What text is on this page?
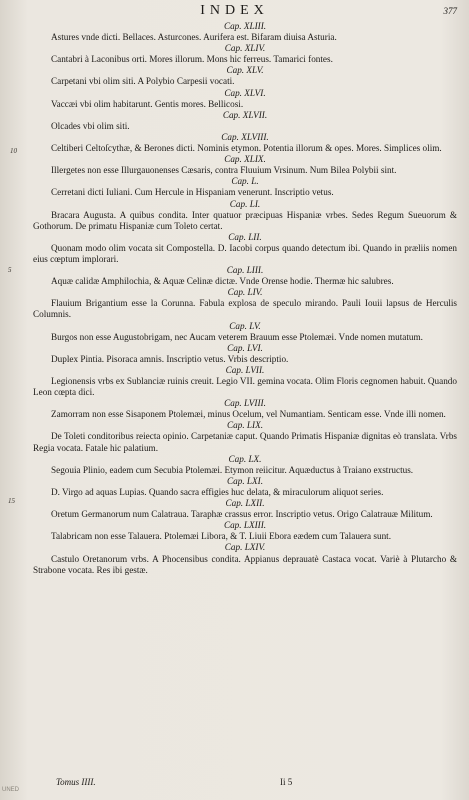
INDEX	377

Cap. XLIII.

Astures vnde dicti. Bellaces. Asturcones. Aurifera est. Bifaram diuisa Asturia.

Cap. XLIV.

Cantabri à Laconibus orti. Mores illorum. Mons hic ferreus. Tamarici fontes.

Cap. XLV.

Carpetani vbi olim siti. A Polybio Carpesii vocati.

Cap. XLVI.

Vaccæi vbi olim habitarunt. Gentis mores. Bellicosi.

Cap. XLVII.

Olcades vbi olim siti.

Cap. XLVIII.

Celtiberi Celtoſcythæ, & Berones dicti. Nominis etymon. Potentia illorum & opes. Mores. Simplices olim.

Cap. XLIX.

Illergetes non esse Illurgauonenses Cæsaris, contra Fluuium Vrsinum. Num Bilea Polybii sint.

Cap. L.

Cerretani dicti Iuliani. Cum Hercule in Hispaniam venerunt. Inscriptio vetus.

Cap. LI.

Bracara Augusta. A quibus condita. Inter quatuor præcipuas Hispaniæ vrbes. Sedes Regum Sueuorum & Gothorum. De primatu Hispaniæ cum Toleto certat.

Cap. LII.

Quonam modo olim vocata sit Compostella. D. Iacobi corpus quando detectum ibi. Quando in præliis nomen eius cœptum implorari.

Cap. LIII.

Aquæ calidæ Amphilochia, & Aquæ Celinæ dictæ. Vnde Orense hodie. Thermæ hic salubres.

Cap. LIV.

Flauium Brigantium esse la Corunna. Fabula explosa de speculo mirando. Pauli Iouii lapsus de Herculis Columnis.

Cap. LV.

Burgos non esse Augustobrigam, nec Aucam veterem Brauum esse Ptolemæi. Vnde nomen mutatum.

Cap. LVI.

Duplex Pintia. Pisoraca amnis. Inscriptio vetus. Vrbis descriptio.

Cap. LVII.

Legionensis vrbs ex Sublanciæ ruinis creuit. Legio VII. gemina vocata. Olim Floris cegnomen habuit. Quando Leon cœpta dici.

Cap. LVIII.

Zamorram non esse Sisaponem Ptolemæi, minus Ocelum, vel Numantiam. Senticam esse. Vnde illi nomen.

Cap. LIX.

De Toleti conditoribus reiecta opinio. Carpetaniæ caput. Quando Primatis Hispaniæ dignitas eò translata. Vrbs Regia vocata. Fatale hic palatium.

Cap. LX.

Segouia Plinio, eadem cum Secubia Ptolemæi. Etymon reiicitur. Aquæductus à Traiano exstructus.

Cap. LXI.

D. Virgo ad aquas Lupias. Quando sacra effigies huc delata, & miraculorum aliquot series.

Cap. LXII.

Oretum Germanorum num Calatraua. Taraphæ crassus error. Inscriptio vetus. Origo Calatrauæ Militum.

Cap. LXIII.

Talabricam non esse Talauera. Ptolemæi Libora, & T. Liuii Ebora eædem cum Talauera sunt.

Cap. LXIV.

Castulo Oretanorum vrbs. A Phocensibus condita. Appianus deprauatè Castaca vocat. Variè à Plutarcho & Strabone vocata. Res ibi gestæ.

10
5
15
Tomus IIII.	Ii 5
UNED
